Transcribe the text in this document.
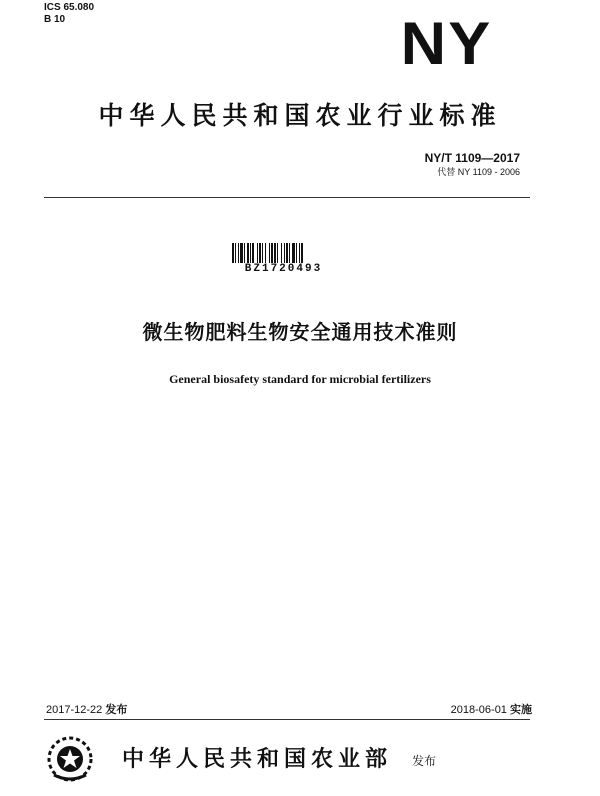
ICS 65.080
B 10	NY
中华人民共和国农业行业标准
NY/T 1109—2017
代替 NY 1109 - 2006
BZ1720493
微生物肥料生物安全通用技术准则
General biosafety standard for microbial fertilizers
2017-12-22 发布	2018-06-01 实施
中华人民共和国农业部 发布
